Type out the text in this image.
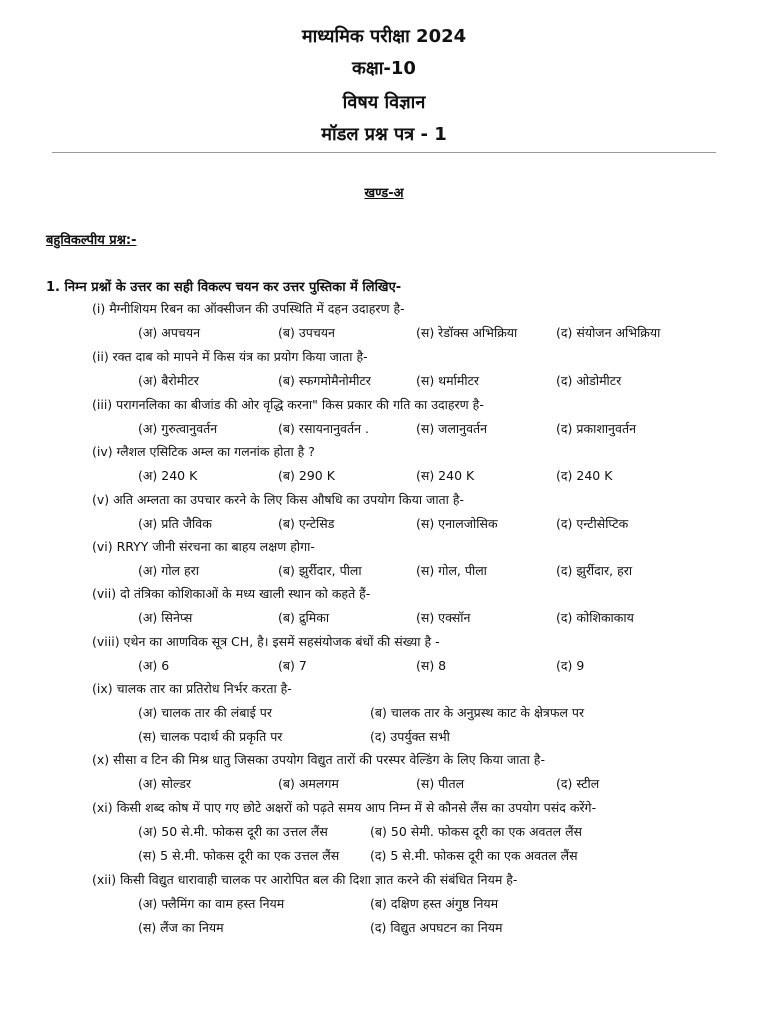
माध्यमिक परीक्षा 2024
कक्षा-10
विषय विज्ञान
मॉडल प्रश्न पत्र - 1
खण्ड-अ
बहुविकल्पीय प्रश्न:-
1. निम्न प्रश्नों के उत्तर का सही विकल्प चयन कर उत्तर पुस्तिका में लिखिए-
(i) मैग्नीशियम रिबन का ऑक्सीजन की उपस्थिति में दहन उदाहरण है-
(अ) अपचयन	(ब) उपचयन	(स) रेडॉक्स अभिक्रिया	(द) संयोजन अभिक्रिया
(ii) रक्त दाब को मापने में किस यंत्र का प्रयोग किया जाता है-
(अ) बैरोमीटर	(ब) स्फगमोमैनोमीटर	(स) थर्मामीटर	(द) ओडोमीटर
(iii) परागनलिका का बीजांड की ओर वृद्धि करना" किस प्रकार की गति का उदाहरण है-
(अ) गुरुत्वानुवर्तन	(ब) रसायनानुवर्तन .	(स) जलानुवर्तन	(द) प्रकाशानुवर्तन
(iv) ग्लैशल एसिटिक अम्ल का गलनांक होता है ?
(अ) 240 K	(ब) 290 K	(स) 240 K	(द) 240 K
(v) अति अम्लता का उपचार करने के लिए किस औषधि का उपयोग किया जाता है-
(अ) प्रति जैविक	(ब) एन्टेसिड	(स) एनालजोसिक	(द) एन्टीसेप्टिक
(vi) RRYY जीनी संरचना का बाहय लक्षण होगा-
(अ) गोल हरा	(ब) झुर्रीदार, पीला	(स) गोल, पीला	(द) झुर्रीदार, हरा
(vii) दो तंत्रिका कोशिकाओं के मध्य खाली स्थान को कहते हैं-
(अ) सिनेप्स	(ब) द्रुमिका	(स) एक्सॉन	(द) कोशिकाकाय
(viii) एथेन का आणविक सूत्र CH, है। इसमें सहसंयोजक बंधों की संख्या है -
(अ) 6	(ब) 7	(स) 8	(द) 9
(ix) चालक तार का प्रतिरोध निर्भर करता है-
(अ) चालक तार की लंबाई पर	(ब) चालक तार के अनुप्रस्थ काट के क्षेत्रफल पर
(स) चालक पदार्थ की प्रकृति पर	(द) उपर्युक्त सभी
(x) सीसा व टिन की मिश्र धातु जिसका उपयोग विद्युत तारों की परस्पर वेल्डिंग के लिए किया जाता है-
(अ) सोल्डर	(ब) अमलगम	(स) पीतल	(द) स्टील
(xi) किसी शब्द कोष में पाए गए छोटे अक्षरों को पढ़ते समय आप निम्न में से कौनसे लैंस का उपयोग पसंद करेंगे-
(अ) 50 से.मी. फोकस दूरी का उत्तल लैंस	(ब) 50 सेमी. फोकस दूरी का एक अवतल लैंस
(स) 5 से.मी. फोकस दूरी का एक उत्तल लैंस (द) 5 से.मी. फोकस दूरी का एक अवतल लैंस
(xii) किसी विद्युत धारावाही चालक पर आरोपित बल की दिशा ज्ञात करने की संबंधित नियम है-
(अ) फ्लैमिंग का वाम हस्त नियम	(ब) दक्षिण हस्त अंगुष्ठ नियम
(स) लैंज का नियम	(द) विद्युत अपघटन का नियम
